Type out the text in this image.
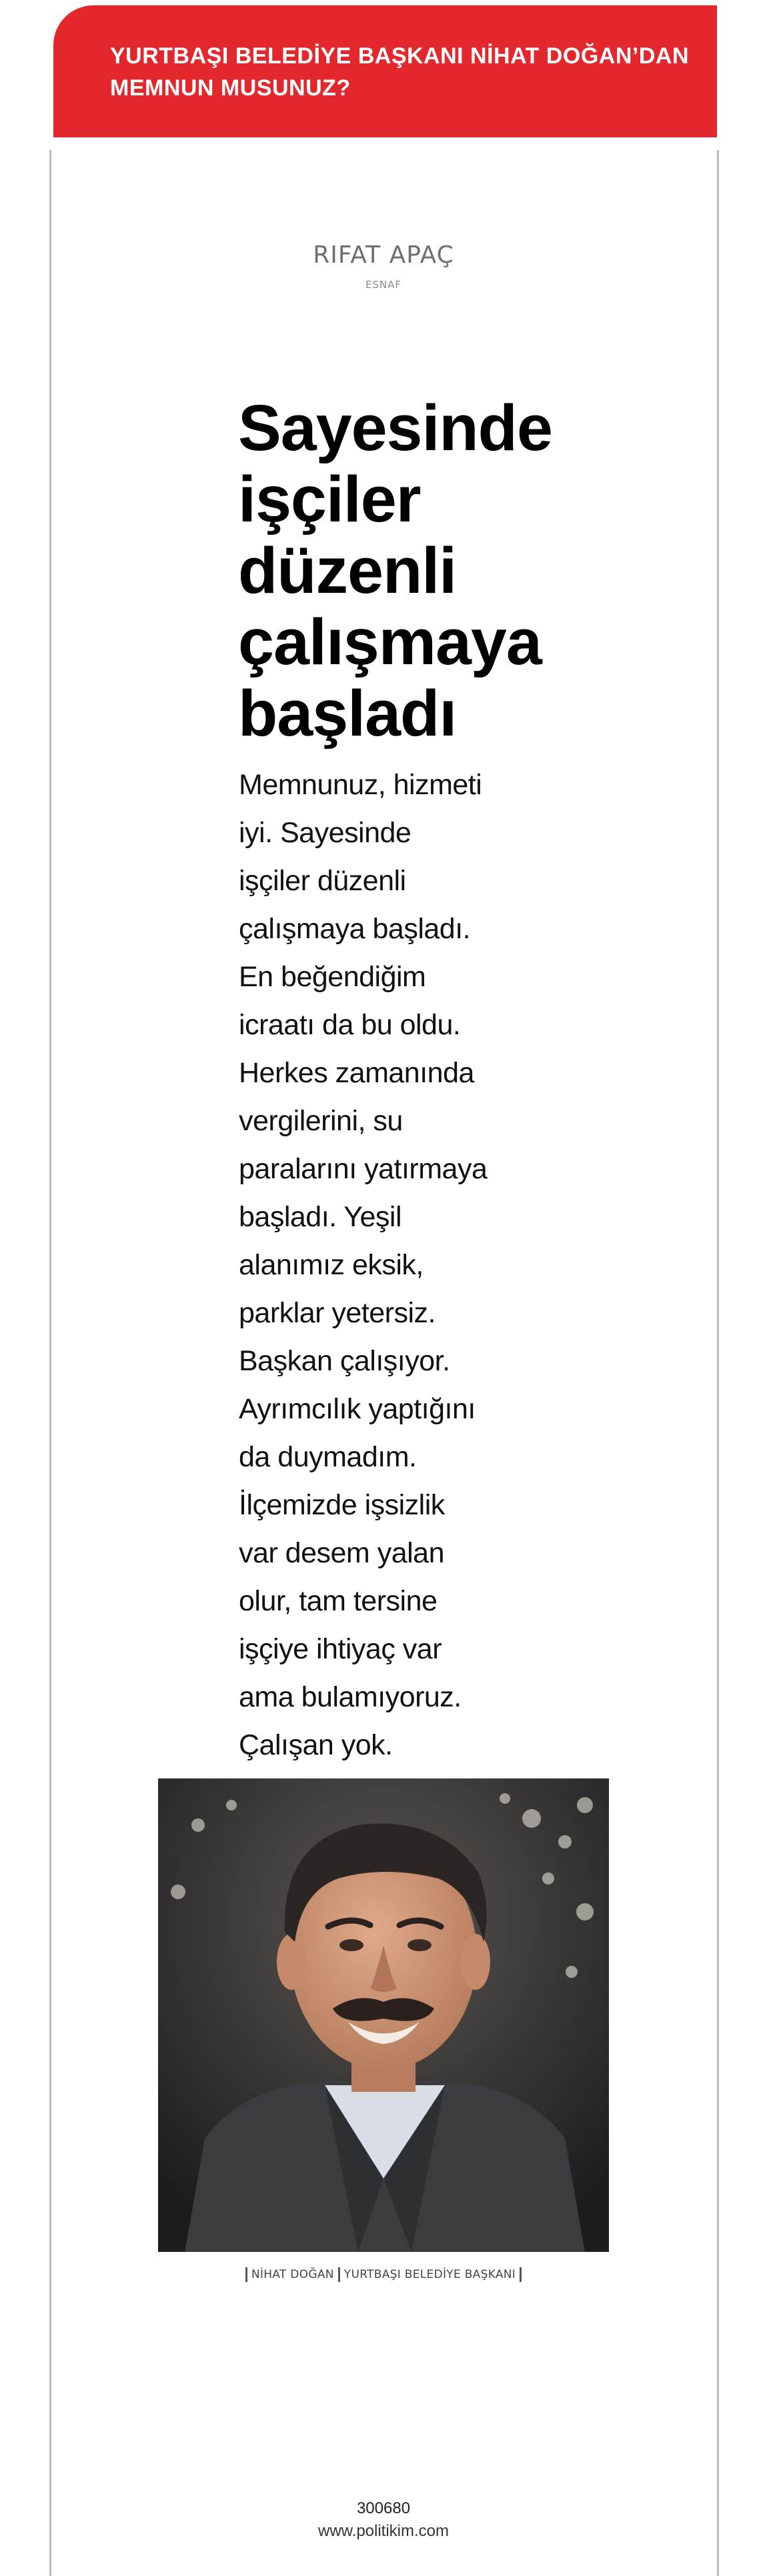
YURTBAŞI BELEDİYE BAŞKANI NİHAT DOĞAN’DAN MEMNUN MUSUNUZ?
RIFAT APAÇ
ESNAF
Sayesinde işçiler düzenli çalışmaya başladı

Memnunuz, hizmeti
iyi. Sayesinde
işçiler düzenli
çalışmaya başladı.
En beğendiğim
icraatı da bu oldu.
Herkes zamanında
vergilerini, su
paralarını yatırmaya
başladı. Yeşil
alanımız eksik,
parklar yetersiz.
Başkan çalışıyor.
Ayrımcılık yaptığını
da duymadım.
İlçemizde işsizlik
var desem yalan
olur, tam tersine
işçiye ihtiyaç var
ama bulamıyoruz.
Çalışan yok.

NİHAT DOĞAN YURTBAŞI BELEDİYE BAŞKANI
300680
www.politikim.com
